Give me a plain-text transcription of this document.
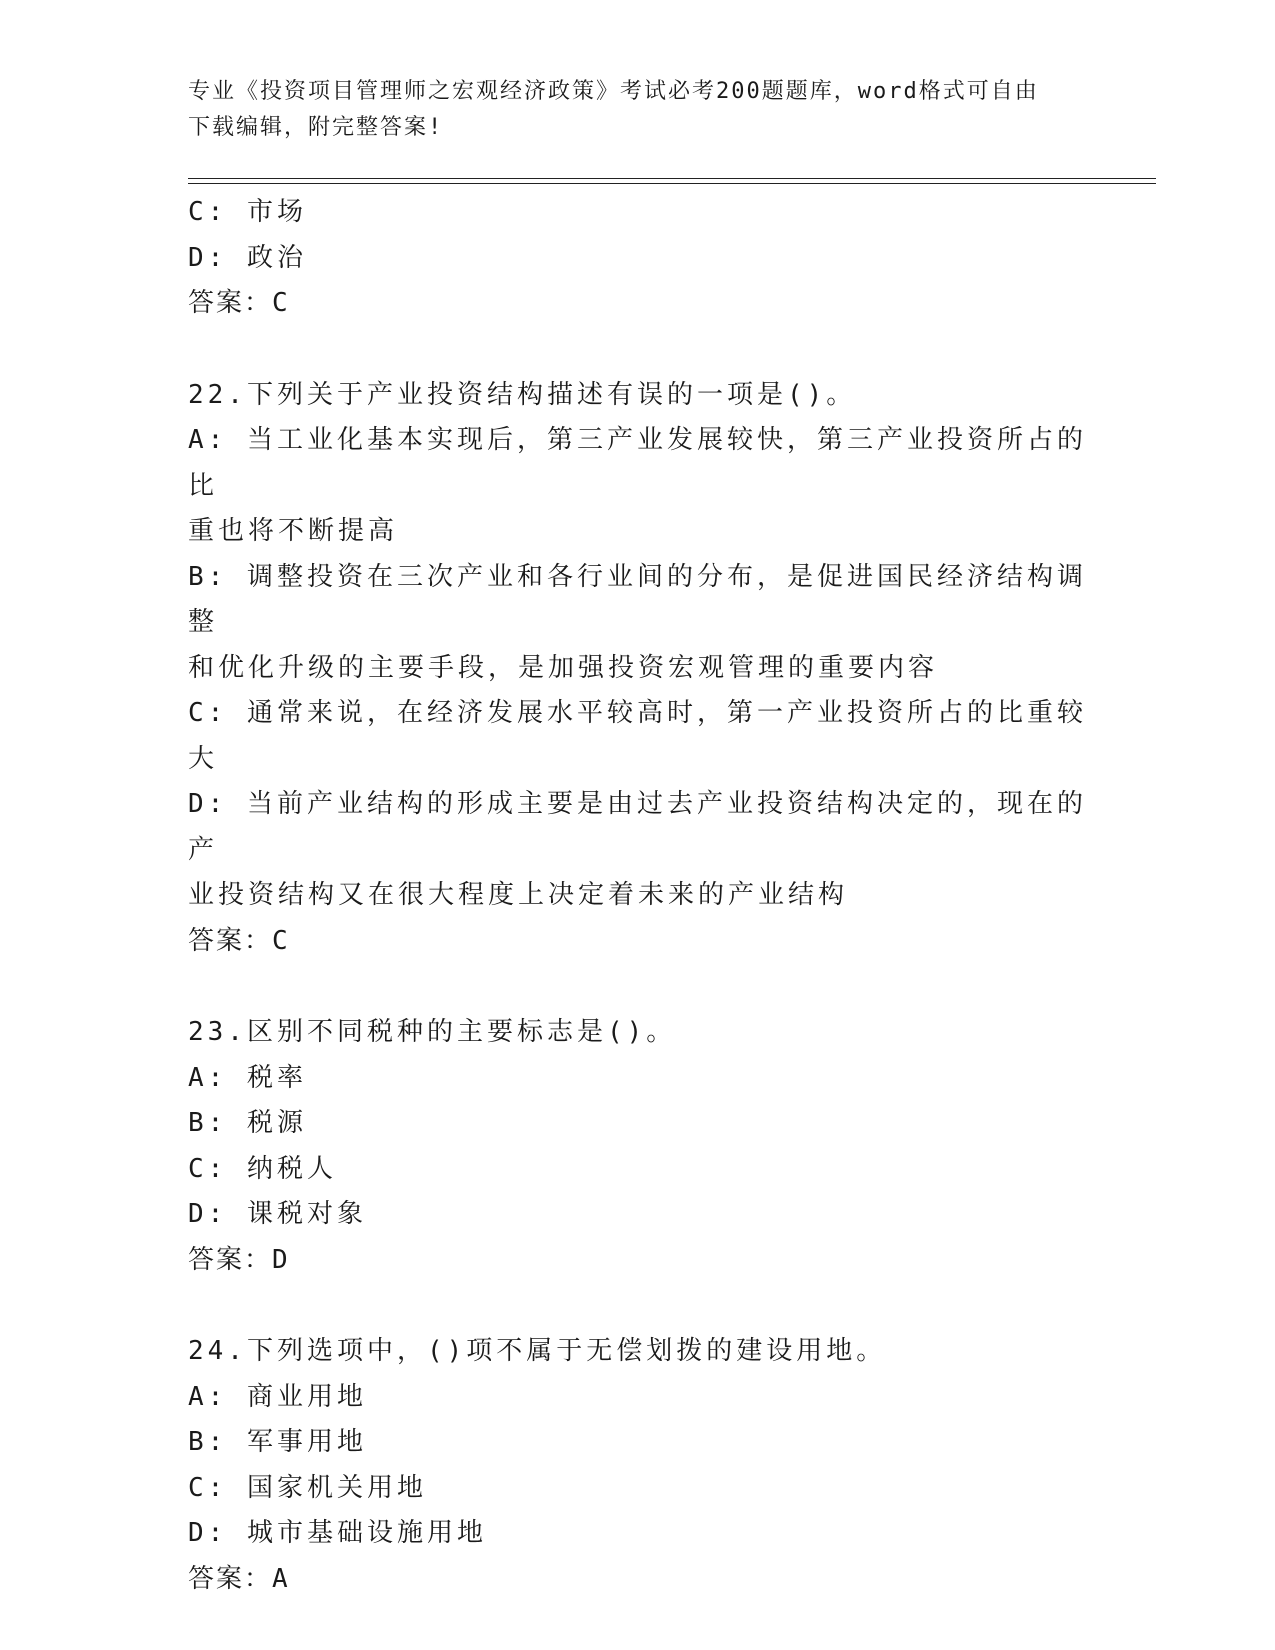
专业《投资项目管理师之宏观经济政策》考试必考200题题库，word格式可自由
下载编辑，附完整答案!
C: 市场
D: 政治
答案：C
22.下列关于产业投资结构描述有误的一项是()。
A: 当工业化基本实现后，第三产业发展较快，第三产业投资所占的比
重也将不断提高
B: 调整投资在三次产业和各行业间的分布，是促进国民经济结构调整
和优化升级的主要手段，是加强投资宏观管理的重要内容
C: 通常来说，在经济发展水平较高时，第一产业投资所占的比重较大
D: 当前产业结构的形成主要是由过去产业投资结构决定的，现在的产
业投资结构又在很大程度上决定着未来的产业结构
答案：C
23.区别不同税种的主要标志是()。
A: 税率
B: 税源
C: 纳税人
D: 课税对象
答案：D
24.下列选项中，()项不属于无偿划拨的建设用地。
A: 商业用地
B: 军事用地
C: 国家机关用地
D: 城市基础设施用地
答案：A
